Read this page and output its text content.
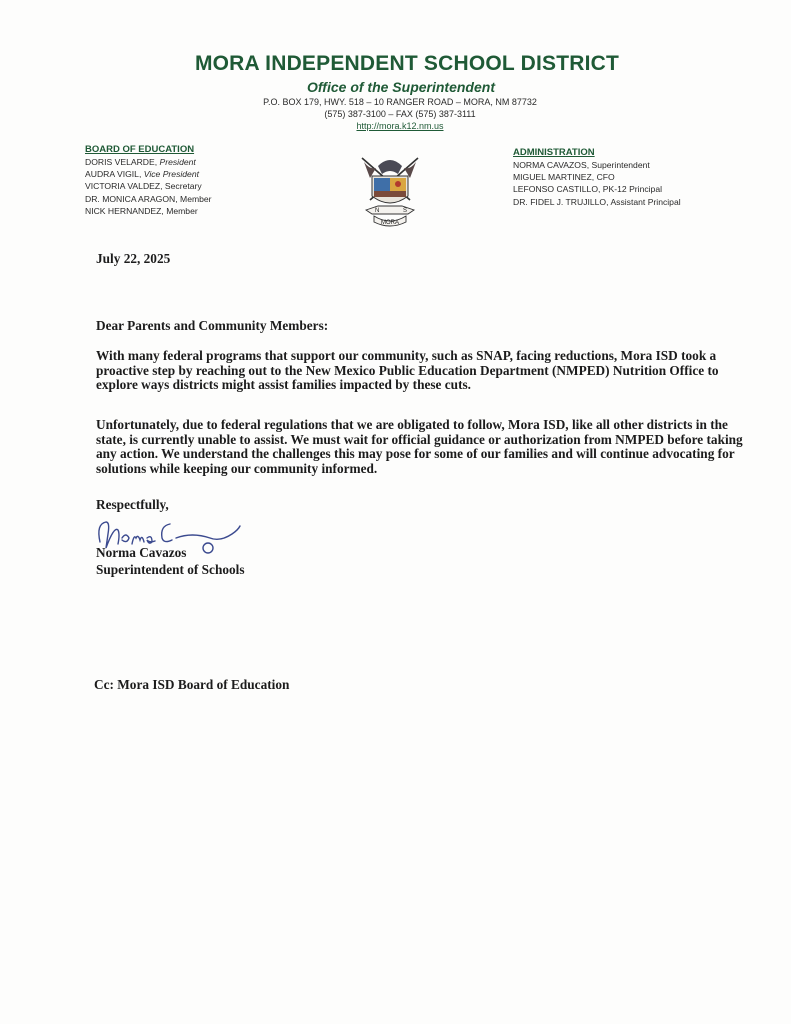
MORA INDEPENDENT SCHOOL DISTRICT
Office of the Superintendent
P.O. BOX 179, HWY. 518 – 10 RANGER ROAD – MORA, NM 87732
(575) 387-3100 – FAX (575) 387-3111
http://mora.k12.nm.us
BOARD OF EDUCATION
DORIS VELARDE, President
AUDRA VIGIL, Vice President
VICTORIA VALDEZ, Secretary
DR. MONICA ARAGON, Member
NICK HERNANDEZ, Member	N	S
MORA
ADMINISTRATION
NORMA CAVAZOS, Superintendent
MIGUEL MARTINEZ, CFO
LEFONSO CASTILLO, PK-12 Principal
DR. FIDEL J. TRUJILLO, Assistant Principal
July 22, 2025
Dear Parents and Community Members:
With many federal programs that support our community, such as SNAP, facing reductions, Mora ISD took a proactive step by reaching out to the New Mexico Public Education Department (NMPED) Nutrition Office to explore ways districts might assist families impacted by these cuts.
Unfortunately, due to federal regulations that we are obligated to follow, Mora ISD, like all other districts in the state, is currently unable to assist. We must wait for official guidance or authorization from NMPED before taking any action. We understand the challenges this may pose for some of our families and will continue advocating for solutions while keeping our community informed.
Respectfully,
Norma Cavazos
Superintendent of Schools
Cc: Mora ISD Board of Education
